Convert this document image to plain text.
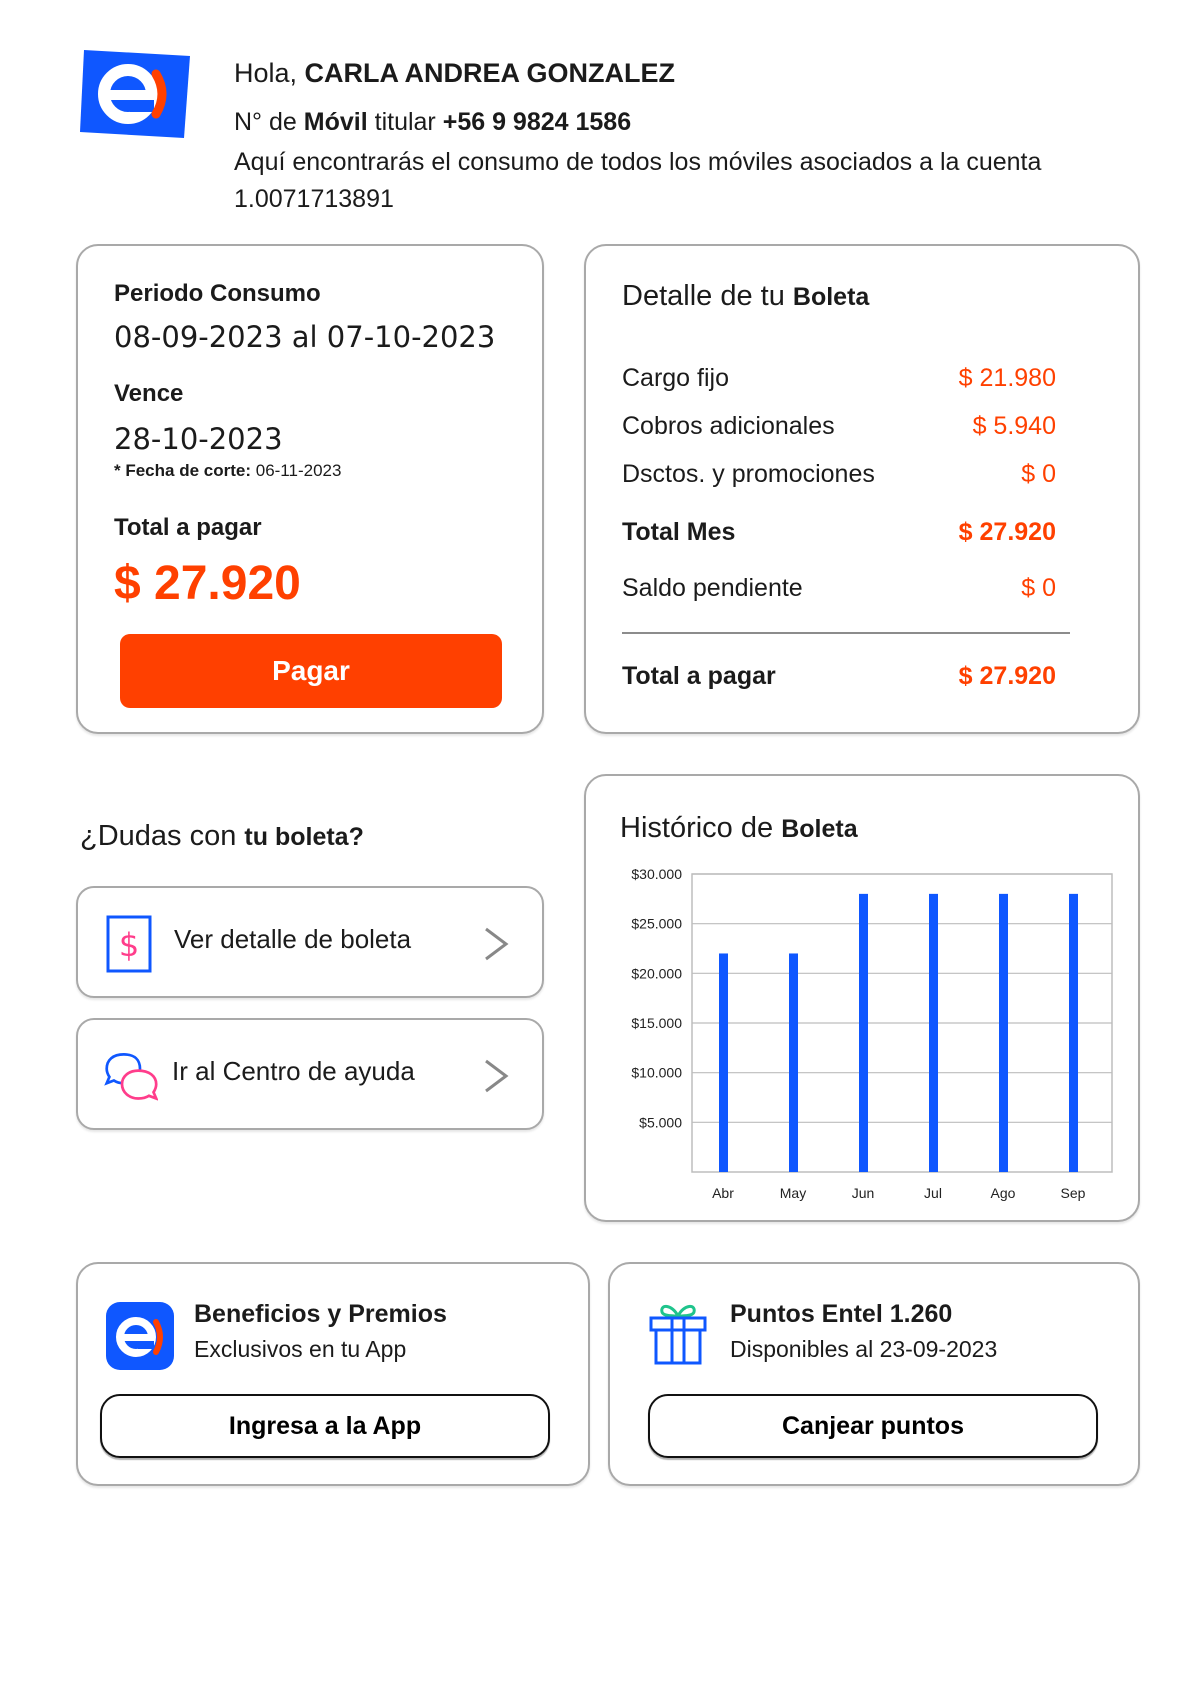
Hola, CARLA ANDREA GONZALEZ
N° de Móvil titular +56 9 9824 1586
Aquí encontrarás el consumo de todos los móviles asociados a la cuenta 1.0071713891
Periodo Consumo
08-09-2023 al 07-10-2023
Vence
28-10-2023
* Fecha de corte: 06-11-2023
Total a pagar
$ 27.920
Pagar
Detalle de tu Boleta
Cargo fijo	$ 21.980
Cobros adicionales	$ 5.940
Dsctos. y promociones	$ 0
Total Mes	$ 27.920
Saldo pendiente	$ 0
Total a pagar	$ 27.920
¿Dudas con tu boleta?
$ Ver detalle de boleta
Ir al Centro de ayuda
Histórico de Boleta
$5.000
$10.000
$15.000
$20.000
$25.000
$30.000
Abr	May	Jun	Jul	Ago	Sep
Beneficios y Premios
Exclusivos en tu App
Ingresa a la App
Puntos Entel 1.260
Disponibles al 23-09-2023
Canjear puntos
